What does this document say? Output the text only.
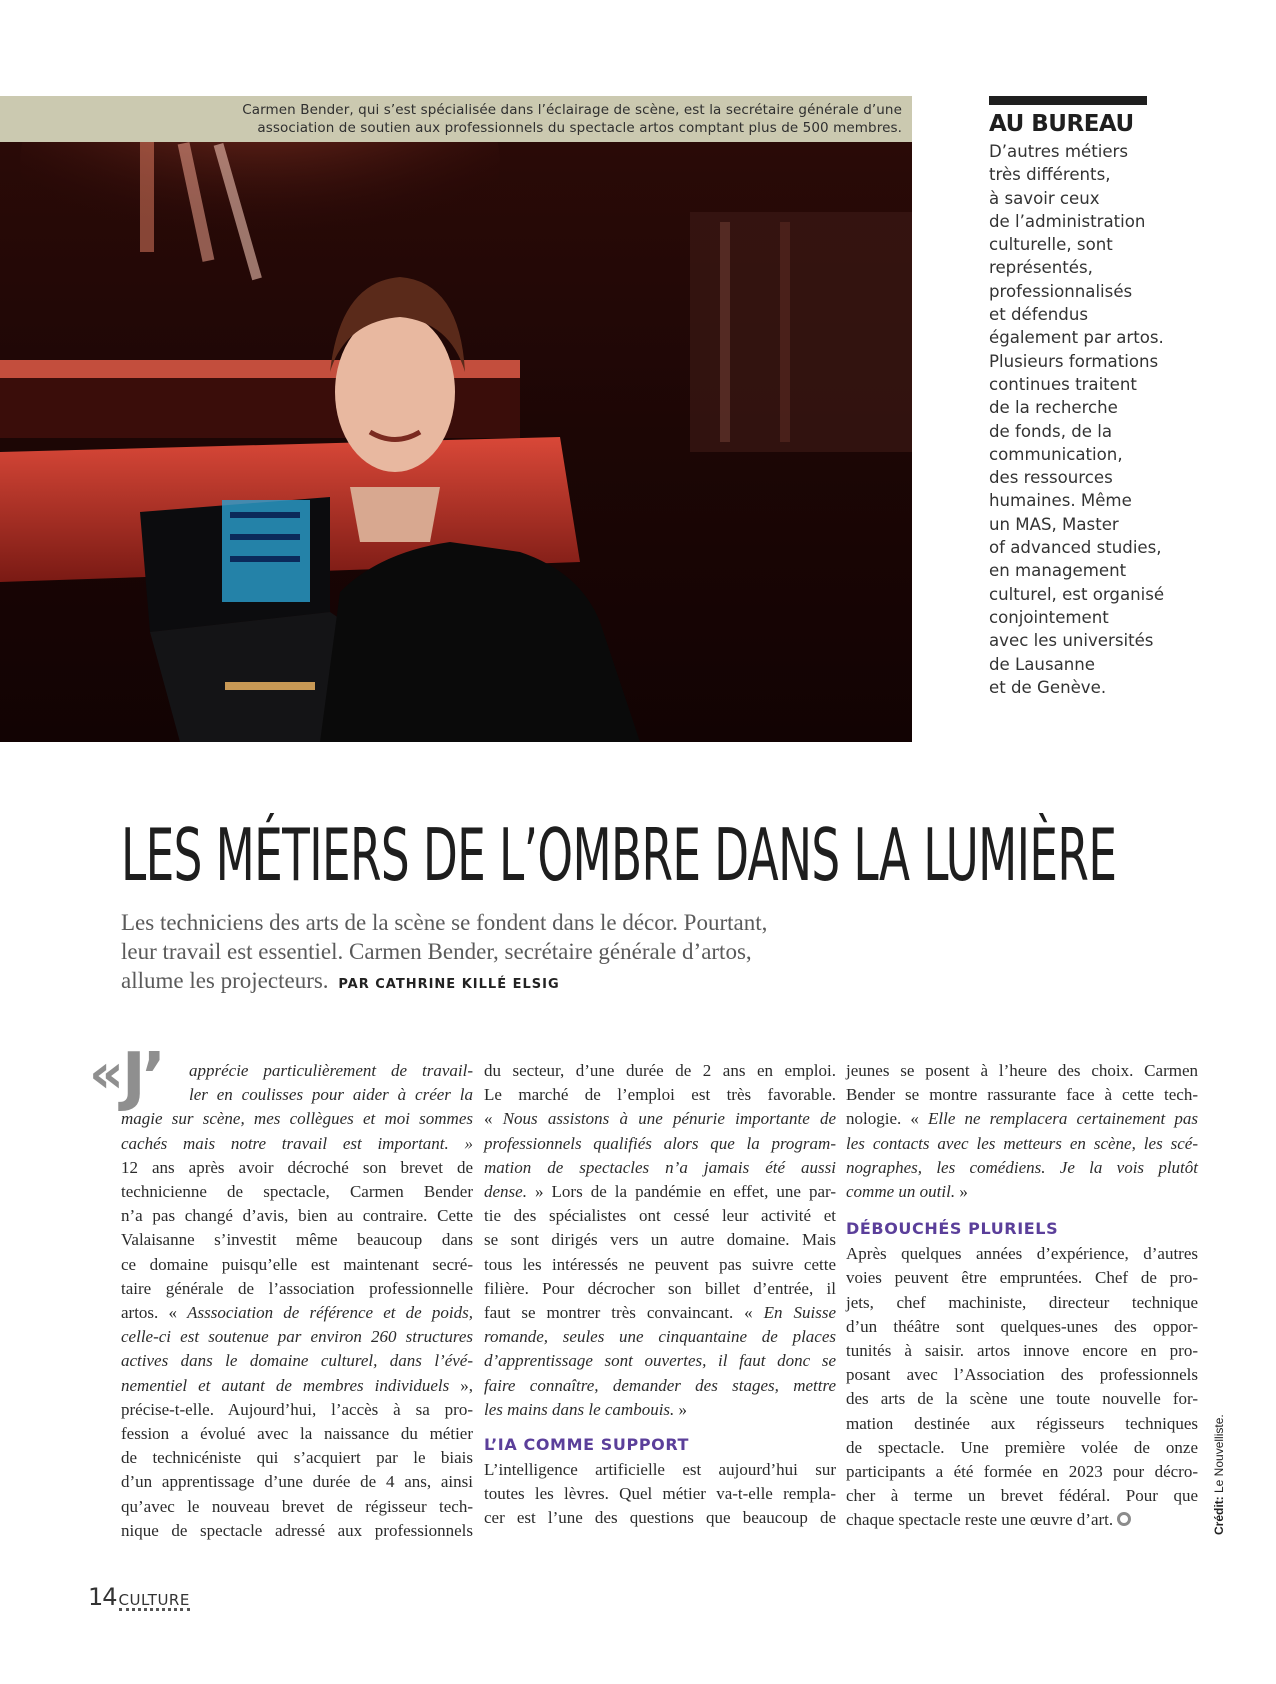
Carmen Bender, qui s’est spécialisée dans l’éclairage de scène, est la secrétaire générale d’une
association de soutien aux professionnels du spectacle artos comptant plus de 500 membres.	AU BUREAU
D’autres métiers
très différents,
à savoir ceux
de l’administration
culturelle, sont
représentés,
professionnalisés
et défendus
également par artos.
Plusieurs formations
continues traitent
de la recherche
de fonds, de la
communication,
des ressources
humaines. Même
un MAS, Master
of advanced studies,
en management
culturel, est organisé
conjointement
avec les universités
de Lausanne
et de Genève.
LES MÉTIERS DE L’OMBRE DANS LA LUMIÈRE
Les techniciens des arts de la scène se fondent dans le décor. Pourtant,
leur travail est essentiel. Carmen Bender, secrétaire générale d’artos,
allume les projecteurs. PAR CATHRINE KILLÉ ELSIG
«J’	apprécie particulièrement de travail-
ler en coulisses pour aider à créer la
magie sur scène, mes collègues et moi sommes
cachés mais notre travail est important. »
12 ans après avoir décroché son brevet de
technicienne de spectacle, Carmen Bender
n’a pas changé d’avis, bien au contraire. Cette
Valaisanne s’investit même beaucoup dans
ce domaine puisqu’elle est maintenant secré-
taire générale de l’association professionnelle
artos. « Asssociation de référence et de poids,
celle-ci est soutenue par environ 260 structures
actives dans le domaine culturel, dans l’évé-
nementiel et autant de membres individuels »,
précise-t-elle. Aujourd’hui, l’accès à sa pro-
fession a évolué avec la naissance du métier
de technicéniste qui s’acquiert par le biais
d’un apprentissage d’une durée de 4 ans, ainsi
qu’avec le nouveau brevet de régisseur tech-
nique de spectacle adressé aux professionnels
du secteur, d’une durée de 2 ans en emploi.
Le marché de l’emploi est très favorable.
« Nous assistons à une pénurie importante de
professionnels qualifiés alors que la program-
mation de spectacles n’a jamais été aussi
dense. » Lors de la pandémie en effet, une par-
tie des spécialistes ont cessé leur activité et
se sont dirigés vers un autre domaine. Mais
tous les intéressés ne peuvent pas suivre cette
filière. Pour décrocher son billet d’entrée, il
faut se montrer très convaincant. « En Suisse
romande, seules une cinquantaine de places
d’apprentissage sont ouvertes, il faut donc se
faire connaître, demander des stages, mettre
les mains dans le cambouis. »
L’IA COMME SUPPORT
L’intelligence artificielle est aujourd’hui sur
toutes les lèvres. Quel métier va-t-elle rempla-
cer est l’une des questions que beaucoup de
jeunes se posent à l’heure des choix. Carmen
Bender se montre rassurante face à cette tech-
nologie. « Elle ne remplacera certainement pas
les contacts avec les metteurs en scène, les scé-
nographes, les comédiens. Je la vois plutôt
comme un outil. »
DÉBOUCHÉS PLURIELS
Après quelques années d’expérience, d’autres
voies peuvent être empruntées. Chef de pro-
jets, chef machiniste, directeur technique
d’un théâtre sont quelques-unes des oppor-
tunités à saisir. artos innove encore en pro-
posant avec l’Association des professionnels
des arts de la scène une toute nouvelle for-
mation destinée aux régisseurs techniques
de spectacle. Une première volée de onze
participants a été formée en 2023 pour décro-
cher à terme un brevet fédéral. Pour que
chaque spectacle reste une œuvre d’art.	Crédit: Le Nouvelliste.
14 CULTURE
